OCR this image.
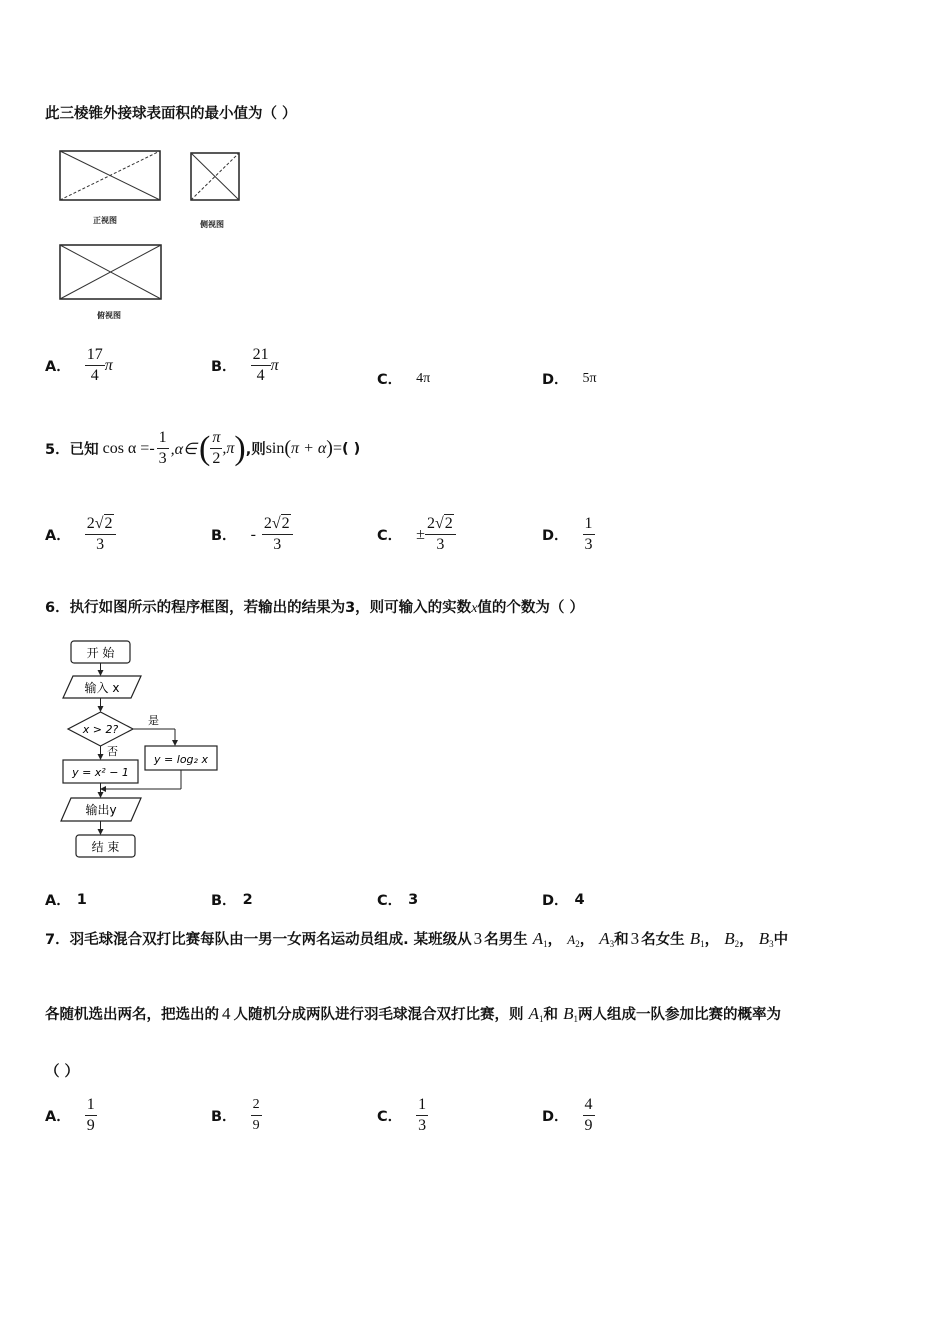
此三棱锥外接球表面积的最小值为（ ）
正视图	侧视图
俯视图
A． $\frac{17}{4}$ π	B． $\frac{21}{4}$ π
C． 4π	D． 5π
5． 已知 $\cos \alpha =- \frac{1}{3}$ ,α∈ ( $\frac{\pi}{2} ,\pi$ ) ,则 sin ( π + α ) = ( )
A． $\frac{2√2}{3}$	B． - $\frac{2√2}{3}$	C． ± $\frac{2√2}{3}$	D． $\frac{1}{3}$
6．执行如图所示的程序框图，若输出的结果为3，则可输入的实数x值的个数为（ ）
开 始
输入 x
x > 2?
是
否
y = log₂ x
y = x² − 1
输出y
结 束
A． 1	B． 2	C． 3	D． 4
7．羽毛球混合双打比赛每队由一男一女两名运动员组成. 某班级从 3 名男生 $A_1$， $A_2$， $A_3$和 3 名女生 $B_1$， $B_2$， $B_3$中
各随机选出两名，把选出的 4 人随机分成两队进行羽毛球混合双打比赛，则 $A_1$和 $B_1$两人组成一队参加比赛的概率为
（ ）
A． $\frac{1}{9}$	B． $\frac{2}{9}$	C． $\frac{1}{3}$	D． $\frac{4}{9}$
